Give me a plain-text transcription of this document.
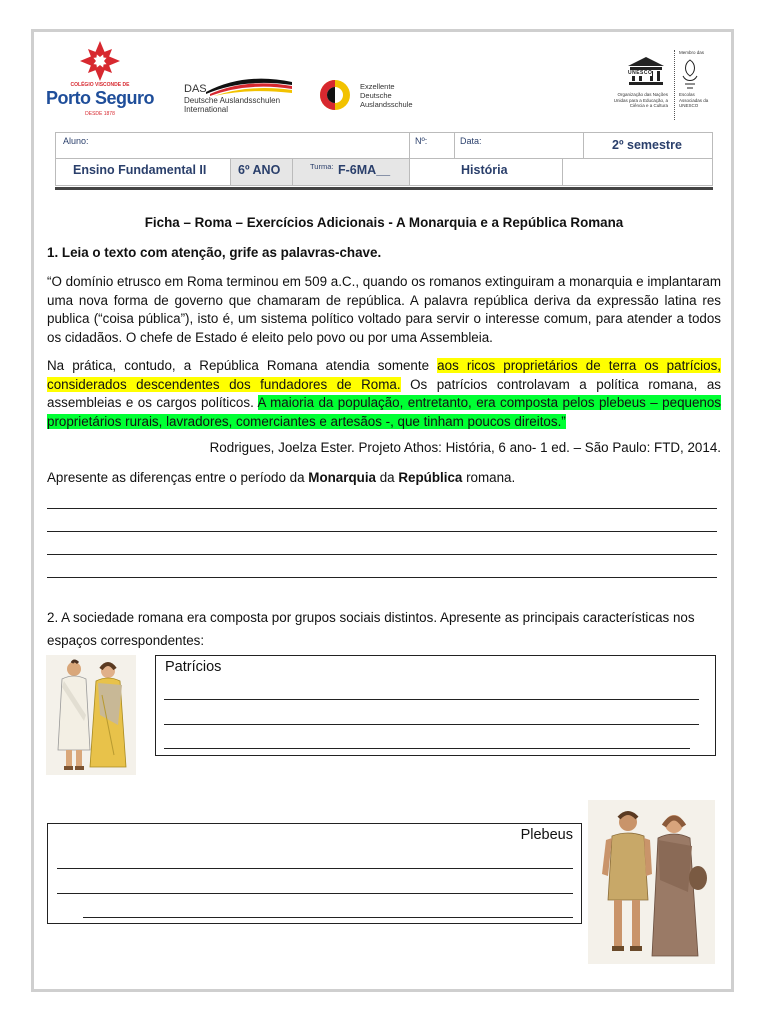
COLÉGIO VISCONDE DE
Porto Seguro
DESDE 1878
DAS
Deutsche Auslandsschulen
International
Exzellente
Deutsche
Auslandsschule
UNESCO
Membro das
Organização das Nações Unidas para a Educação, a Ciência e a Cultura
Escolas Associadas da UNESCO
Aluno:	Nº:	Data:	2º semestre
Ensino Fundamental II	6º ANO	Turma: F-6MA__	História
Ficha – Roma – Exercícios Adicionais - A Monarquia e a República Romana
1. Leia o texto com atenção, grife as palavras-chave.
“O domínio etrusco em Roma terminou em 509 a.C., quando os romanos extinguiram a monarquia e implantaram uma nova forma de governo que chamaram de república. A palavra república deriva da expressão latina res publica (“coisa pública”), isto é, um sistema político voltado para servir o interesse comum, para atender a todos os cidadãos. O chefe de Estado é eleito pelo povo ou por uma Assembleia.
Na prática, contudo, a República Romana atendia somente aos ricos proprietários de terra os patrícios, considerados descendentes dos fundadores de Roma. Os patrícios controlavam a política romana, as assembleias e os cargos políticos. A maioria da população, entretanto, era composta pelos plebeus – pequenos proprietários rurais, lavradores, comerciantes e artesãos -, que tinham poucos direitos.”
Rodrigues, Joelza Ester. Projeto Athos: História, 6 ano- 1 ed. – São Paulo: FTD, 2014.
Apresente as diferenças entre o período da Monarquia da República romana.
2. A sociedade romana era composta por grupos sociais distintos. Apresente as principais características nos espaços correspondentes:
Patrícios
Plebeus
